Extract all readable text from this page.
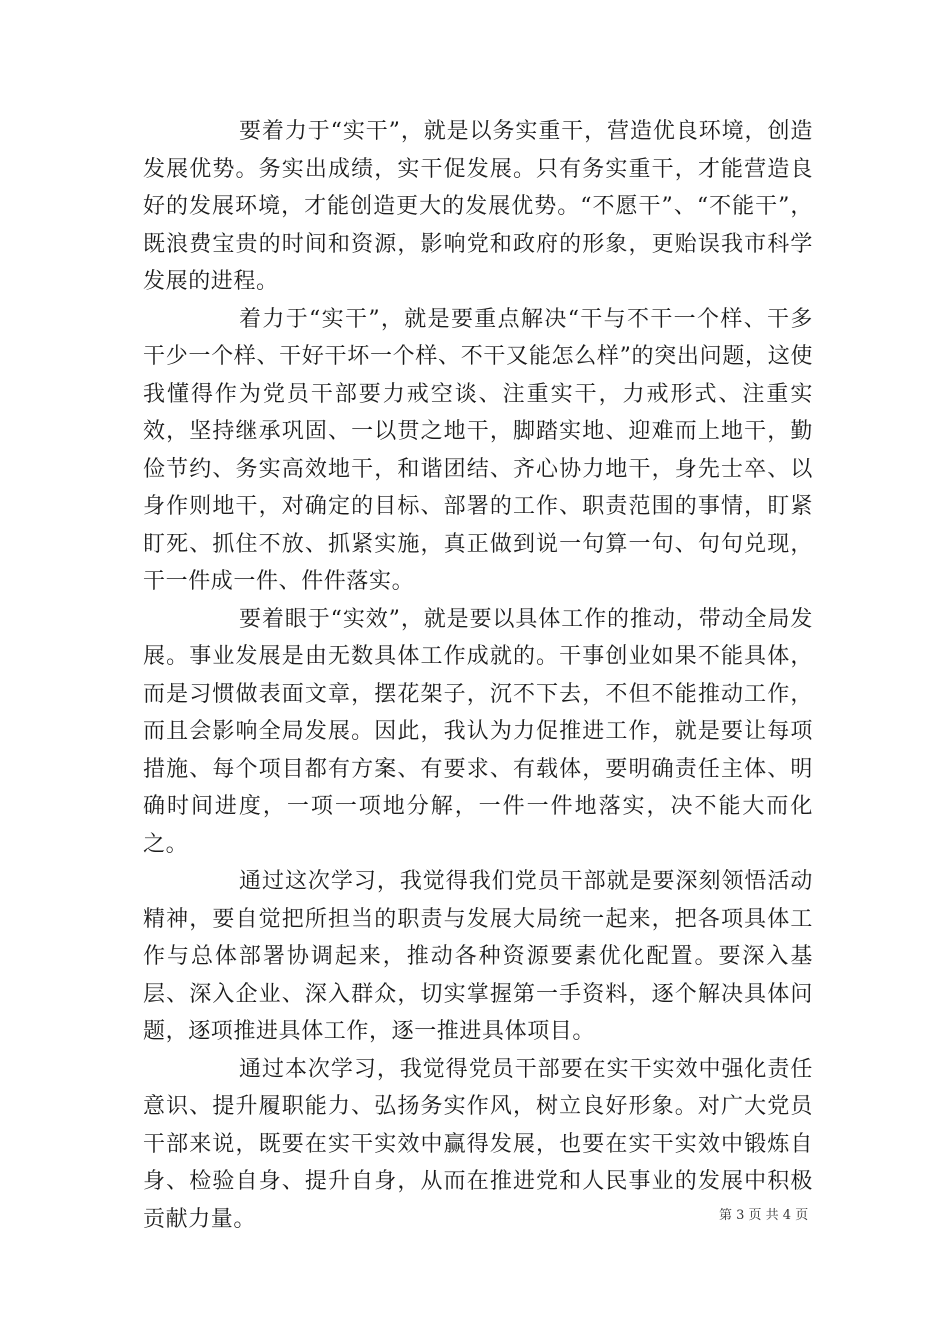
要着力于“实干”，就是以务实重干，营造优良环境，创造发展优势。务实出成绩，实干促发展。只有务实重干，才能营造良好的发展环境，才能创造更大的发展优势。“不愿干”、“不能干”，既浪费宝贵的时间和资源，影响党和政府的形象，更贻误我市科学发展的进程。

着力于“实干”，就是要重点解决“干与不干一个样、干多干少一个样、干好干坏一个样、不干又能怎么样”的突出问题，这使我懂得作为党员干部要力戒空谈、注重实干，力戒形式、注重实效，坚持继承巩固、一以贯之地干，脚踏实地、迎难而上地干，勤俭节约、务实高效地干，和谐团结、齐心协力地干，身先士卒、以身作则地干，对确定的目标、部署的工作、职责范围的事情，盯紧盯死、抓住不放、抓紧实施，真正做到说一句算一句、句句兑现，干一件成一件、件件落实。

要着眼于“实效”，就是要以具体工作的推动，带动全局发展。事业发展是由无数具体工作成就的。干事创业如果不能具体，而是习惯做表面文章，摆花架子，沉不下去，不但不能推动工作，而且会影响全局发展。因此，我认为力促推进工作，就是要让每项措施、每个项目都有方案、有要求、有载体，要明确责任主体、明确时间进度，一项一项地分解，一件一件地落实，决不能大而化之。

通过这次学习，我觉得我们党员干部就是要深刻领悟活动精神，要自觉把所担当的职责与发展大局统一起来，把各项具体工作与总体部署协调起来，推动各种资源要素优化配置。要深入基层、深入企业、深入群众，切实掌握第一手资料，逐个解决具体问题，逐项推进具体工作，逐一推进具体项目。

通过本次学习，我觉得党员干部要在实干实效中强化责任意识、提升履职能力、弘扬务实作风，树立良好形象。对广大党员干部来说，既要在实干实效中赢得发展，也要在实干实效中锻炼自身、检验自身、提升自身，从而在推进党和人民事业的发展中积极贡献力量。	第 3 页 共 4 页
